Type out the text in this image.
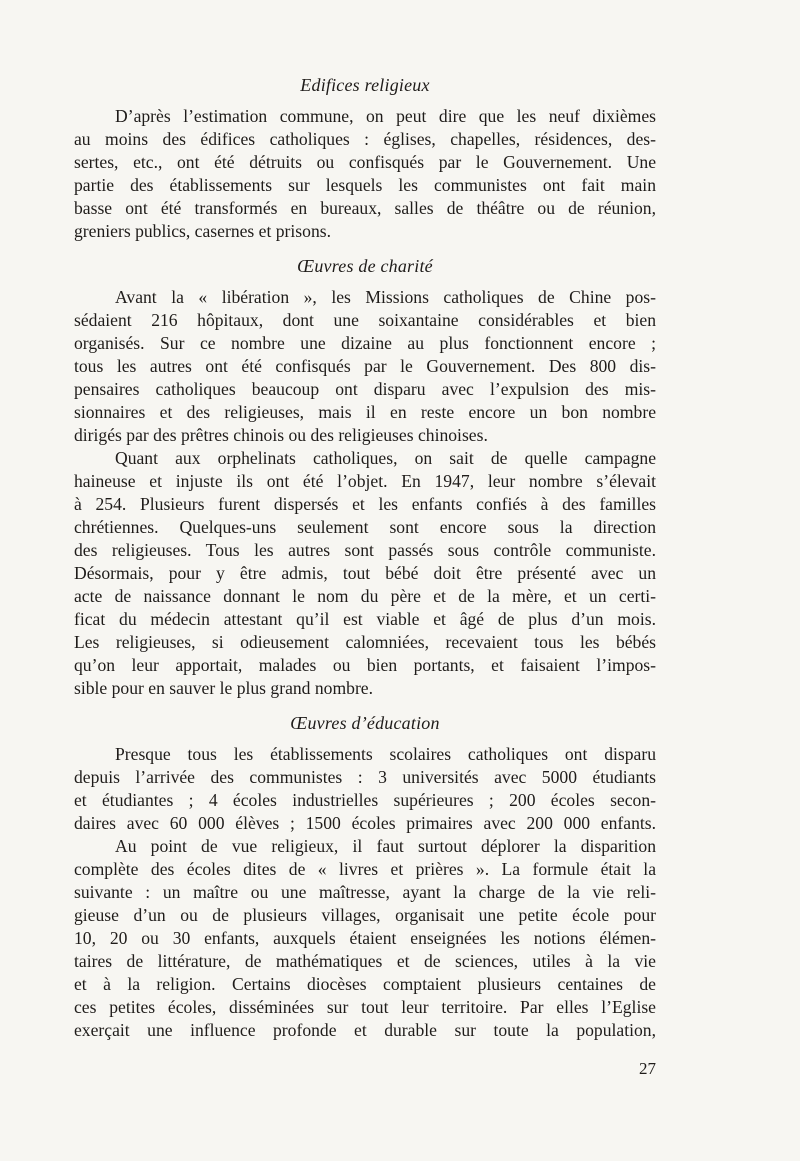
Edifices religieux
D’après l’estimation commune, on peut dire que les neuf dixièmes
au moins des édifices catholiques : églises, chapelles, résidences, des-
sertes, etc., ont été détruits ou confisqués par le Gouvernement. Une
partie des établissements sur lesquels les communistes ont fait main
basse ont été transformés en bureaux, salles de théâtre ou de réunion,
greniers publics, casernes et prisons.
Œuvres de charité
Avant la « libération », les Missions catholiques de Chine pos-
sédaient 216 hôpitaux, dont une soixantaine considérables et bien
organisés. Sur ce nombre une dizaine au plus fonctionnent encore ;
tous les autres ont été confisqués par le Gouvernement. Des 800 dis-
pensaires catholiques beaucoup ont disparu avec l’expulsion des mis-
sionnaires et des religieuses, mais il en reste encore un bon nombre
dirigés par des prêtres chinois ou des religieuses chinoises.
Quant aux orphelinats catholiques, on sait de quelle campagne
haineuse et injuste ils ont été l’objet. En 1947, leur nombre s’élevait
à 254. Plusieurs furent dispersés et les enfants confiés à des familles
chrétiennes. Quelques-uns seulement sont encore sous la direction
des religieuses. Tous les autres sont passés sous contrôle communiste.
Désormais, pour y être admis, tout bébé doit être présenté avec un
acte de naissance donnant le nom du père et de la mère, et un certi-
ficat du médecin attestant qu’il est viable et âgé de plus d’un mois.
Les religieuses, si odieusement calomniées, recevaient tous les bébés
qu’on leur apportait, malades ou bien portants, et faisaient l’impos-
sible pour en sauver le plus grand nombre.
Œuvres d’éducation
Presque tous les établissements scolaires catholiques ont disparu
depuis l’arrivée des communistes : 3 universités avec 5000 étudiants
et étudiantes ; 4 écoles industrielles supérieures ; 200 écoles secon-
daires avec 60 000 élèves ; 1500 écoles primaires avec 200 000 enfants.
Au point de vue religieux, il faut surtout déplorer la disparition
complète des écoles dites de « livres et prières ». La formule était la
suivante : un maître ou une maîtresse, ayant la charge de la vie reli-
gieuse d’un ou de plusieurs villages, organisait une petite école pour
10, 20 ou 30 enfants, auxquels étaient enseignées les notions élémen-
taires de littérature, de mathématiques et de sciences, utiles à la vie
et à la religion. Certains diocèses comptaient plusieurs centaines de
ces petites écoles, disséminées sur tout leur territoire. Par elles l’Eglise
exerçait une influence profonde et durable sur toute la population,
27
